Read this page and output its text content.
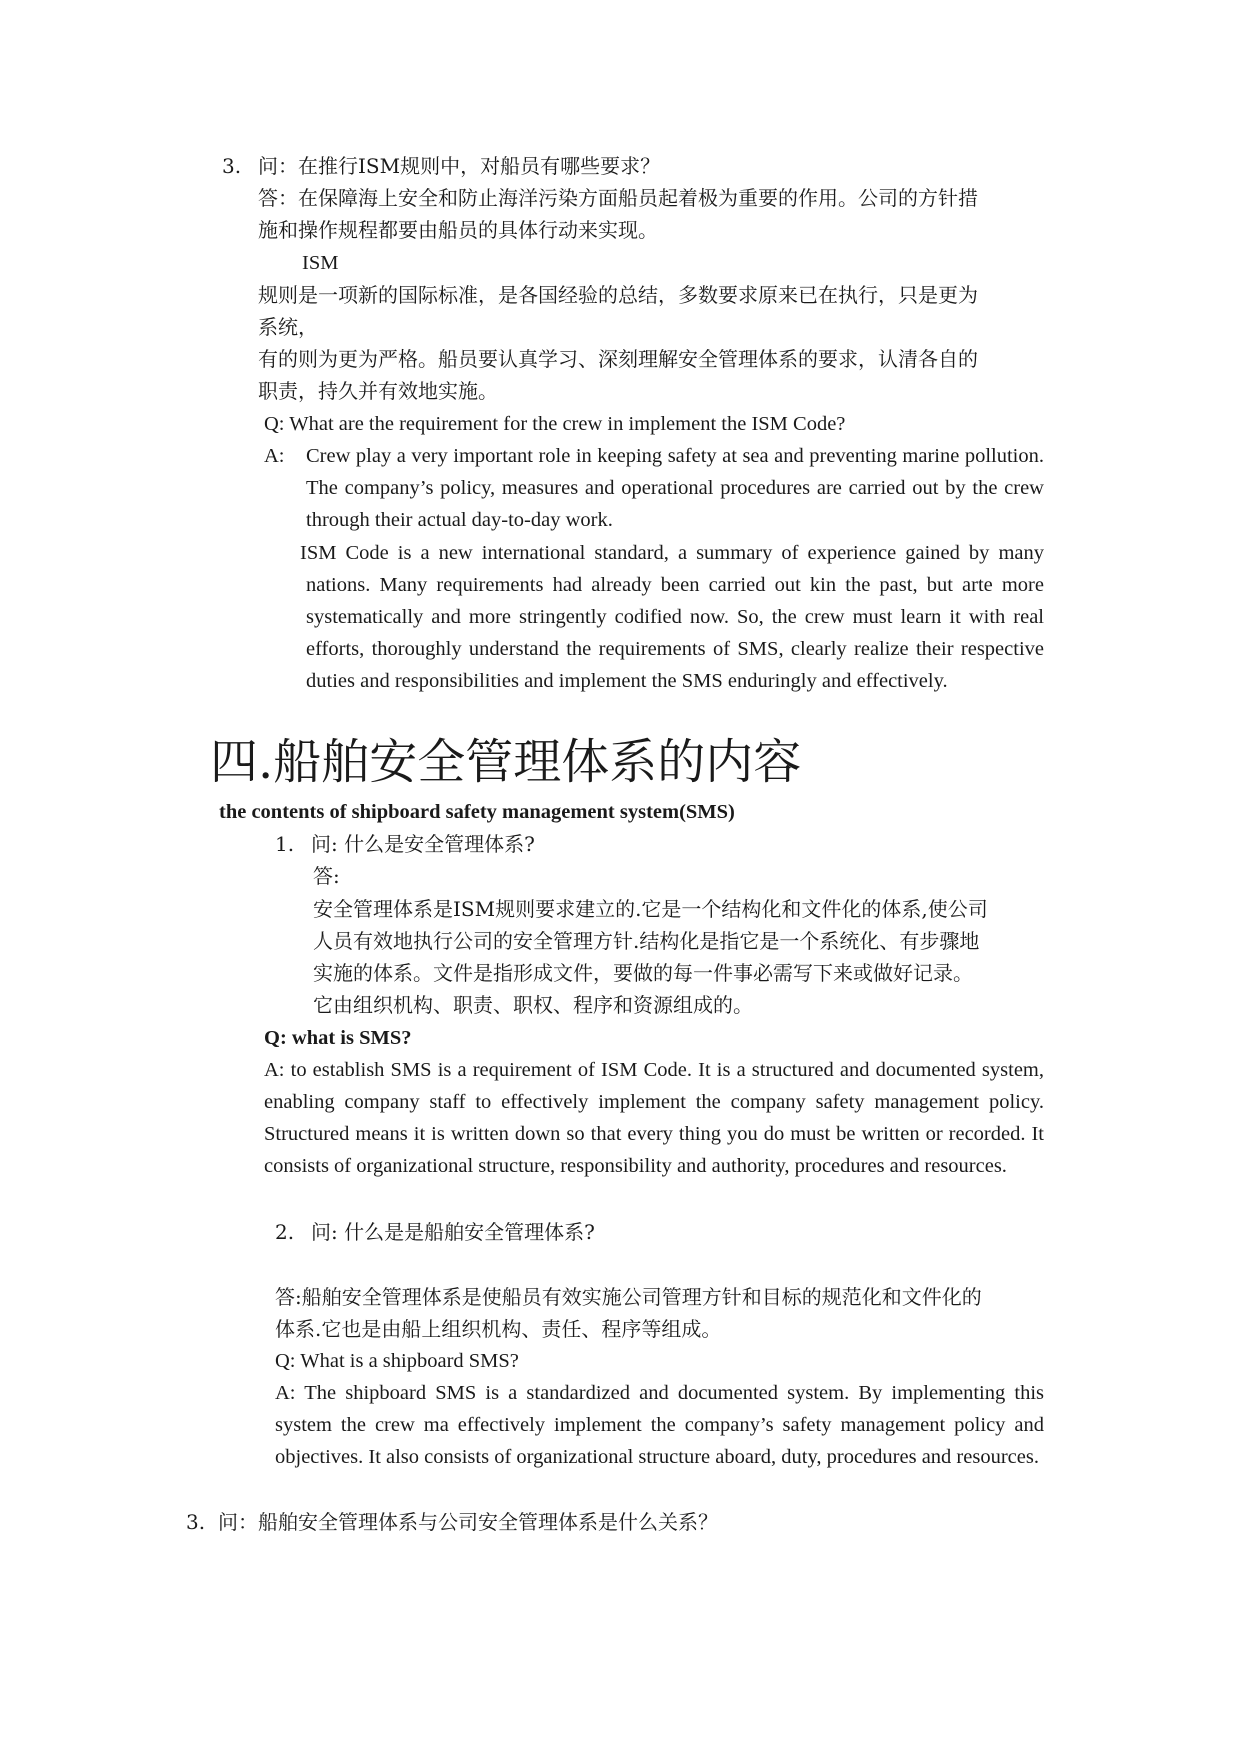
3. 问：在推行ISM规则中，对船员有哪些要求？
答：在保障海上安全和防止海洋污染方面船员起着极为重要的作用。公司的方针措
施和操作规程都要由船员的具体行动来实现。
ISM
规则是一项新的国际标准，是各国经验的总结，多数要求原来已在执行，只是更为
系统，
有的则为更为严格。船员要认真学习、深刻理解安全管理体系的要求，认清各自的
职责，持久并有效地实施。
Q: What are the requirement for the crew in implement the ISM Code?
A: Crew play a very important role in keeping safety at sea and preventing marine pollution. The company’s policy, measures and operational procedures are carried out by the crew through their actual day-to-day work.
ISM Code is a new international standard, a summary of experience gained by many nations. Many requirements had already been carried out kin the past, but arte more systematically and more stringently codified now. So, the crew must learn it with real efforts, thoroughly understand the requirements of SMS, clearly realize their respective duties and responsibilities and implement the SMS enduringly and effectively.
四.船舶安全管理体系的内容
the contents of shipboard safety management system(SMS)
1. 问: 什么是安全管理体系?
答:
安全管理体系是ISM规则要求建立的.它是一个结构化和文件化的体系,使公司
人员有效地执行公司的安全管理方针.结构化是指它是一个系统化、有步骤地
实施的体系。文件是指形成文件，要做的每一件事必需写下来或做好记录。
它由组织机构、职责、职权、程序和资源组成的。
Q: what is SMS?
A: to establish SMS is a requirement of ISM Code. It is a structured and documented system, enabling company staff to effectively implement the company safety management policy. Structured means it is written down so that every thing you do must be written or recorded. It consists of organizational structure, responsibility and authority, procedures and resources.
2. 问: 什么是是船舶安全管理体系?
答:船舶安全管理体系是使船员有效实施公司管理方针和目标的规范化和文件化的
体系.它也是由船上组织机构、责任、程序等组成。
Q: What is a shipboard SMS?
A: The shipboard SMS is a standardized and documented system. By implementing this system the crew ma effectively implement the company’s safety management policy and objectives. It also consists of organizational structure aboard, duty, procedures and resources.
3. 问：船舶安全管理体系与公司安全管理体系是什么关系？
